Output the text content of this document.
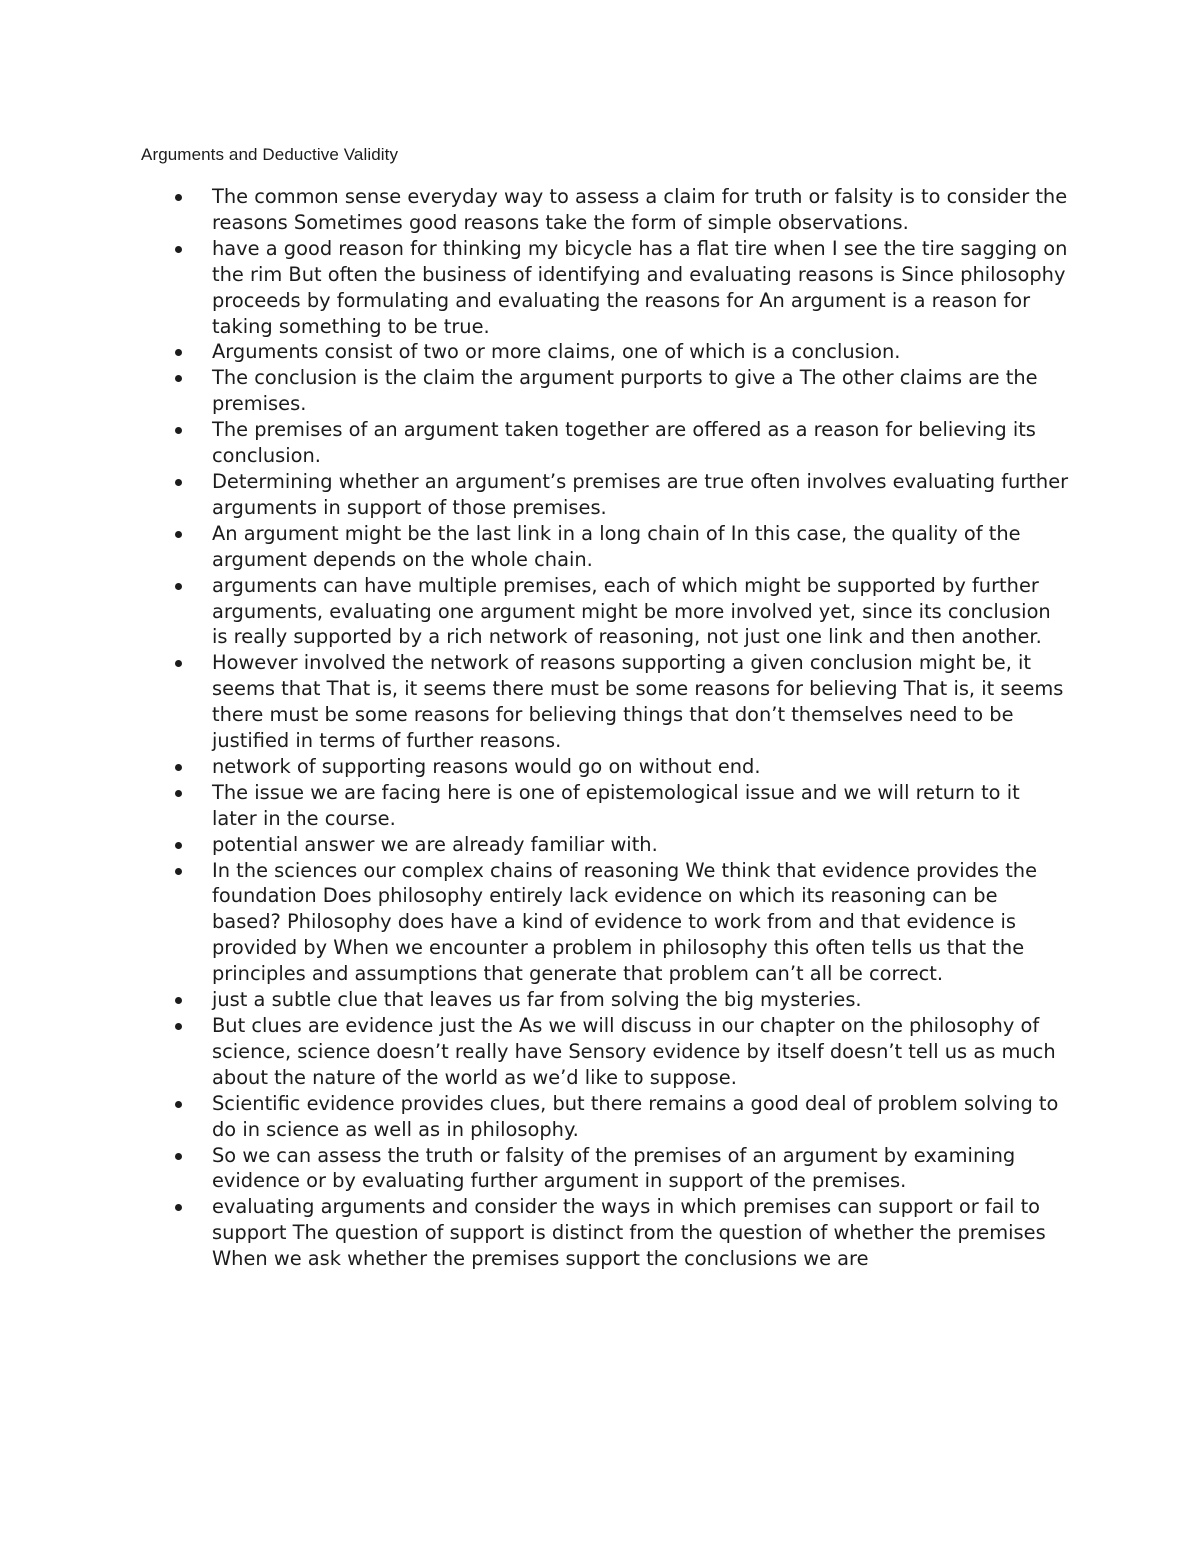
Arguments and Deductive Validity
The common sense everyday way to assess a claim for truth or falsity is to consider the reasons Sometimes good reasons take the form of simple observations.
have a good reason for thinking my bicycle has a flat tire when I see the tire sagging on the rim But often the business of identifying and evaluating reasons is Since philosophy proceeds by formulating and evaluating the reasons for An argument is a reason for taking something to be true.
Arguments consist of two or more claims, one of which is a conclusion.
The conclusion is the claim the argument purports to give a The other claims are the premises.
The premises of an argument taken together are offered as a reason for believing its conclusion.
Determining whether an argument’s premises are true often involves evaluating further arguments in support of those premises.
An argument might be the last link in a long chain of In this case, the quality of the argument depends on the whole chain.
arguments can have multiple premises, each of which might be supported by further arguments, evaluating one argument might be more involved yet, since its conclusion is really supported by a rich network of reasoning, not just one link and then another.
However involved the network of reasons supporting a given conclusion might be, it seems that That is, it seems there must be some reasons for believing That is, it seems there must be some reasons for believing things that don’t themselves need to be justified in terms of further reasons.
network of supporting reasons would go on without end.
The issue we are facing here is one of epistemological issue and we will return to it later in the course.
potential answer we are already familiar with.
In the sciences our complex chains of reasoning We think that evidence provides the foundation Does philosophy entirely lack evidence on which its reasoning can be based? Philosophy does have a kind of evidence to work from and that evidence is provided by When we encounter a problem in philosophy this often tells us that the principles and assumptions that generate that problem can’t all be correct.
just a subtle clue that leaves us far from solving the big mysteries.
But clues are evidence just the As we will discuss in our chapter on the philosophy of science, science doesn’t really have Sensory evidence by itself doesn’t tell us as much about the nature of the world as we’d like to suppose.
Scientific evidence provides clues, but there remains a good deal of problem solving to do in science as well as in philosophy.
So we can assess the truth or falsity of the premises of an argument by examining evidence or by evaluating further argument in support of the premises.
evaluating arguments and consider the ways in which premises can support or fail to support The question of support is distinct from the question of whether the premises When we ask whether the premises support the conclusions we are
